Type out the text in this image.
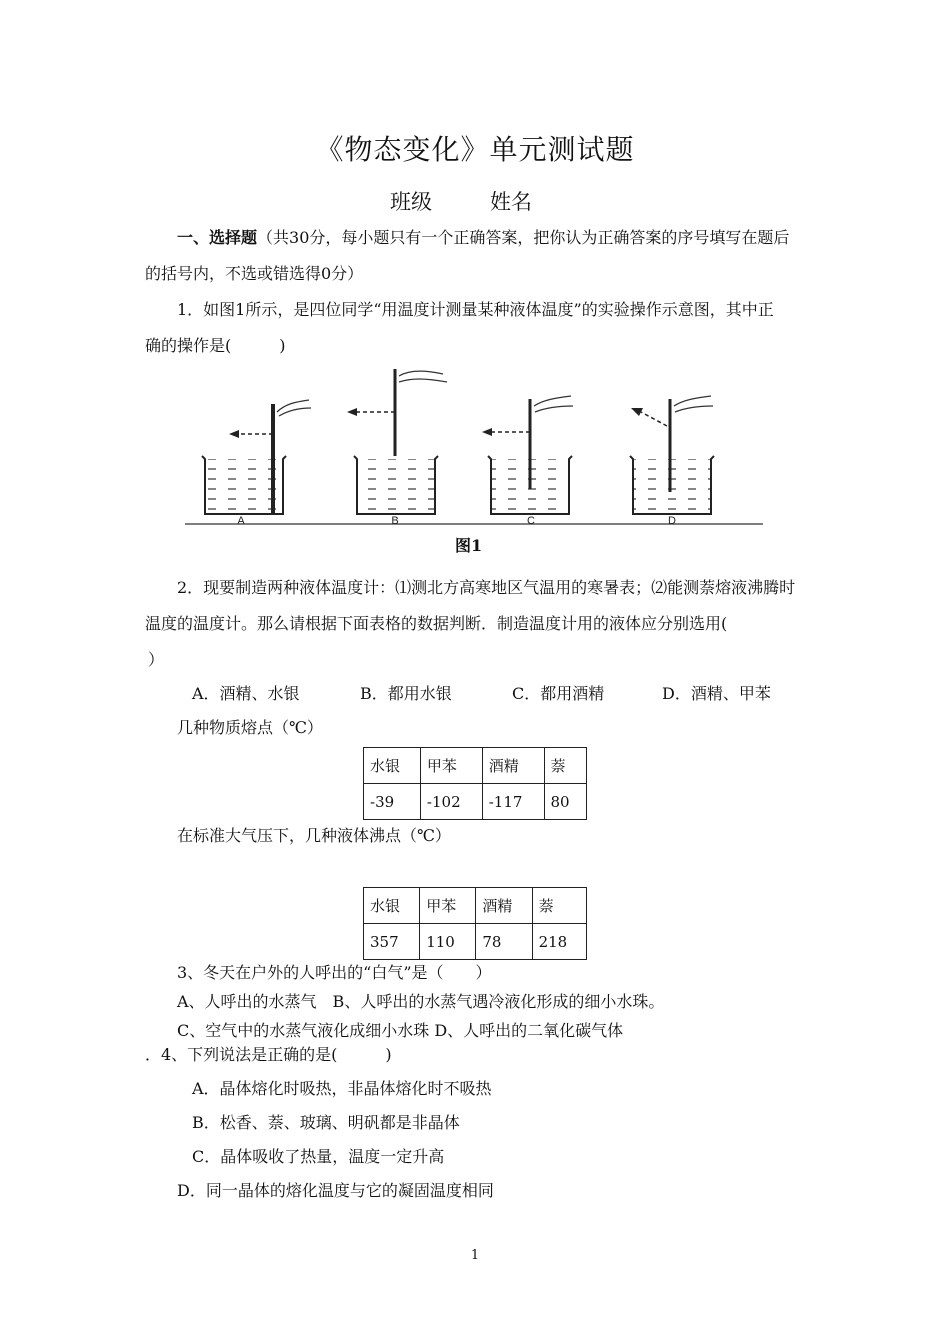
《物态变化》单元测试题
班级	姓名
一、选择题（共30分，每小题只有一个正确答案，把你认为正确答案的序号填写在题后
的括号内，不选或错选得0分）
1．如图1所示，是四位同学“用温度计测量某种液体温度”的实验操作示意图，其中正
确的操作是(　　　)
A	B	C	D
图1
2．现要制造两种液体温度计：⑴测北方高寒地区气温用的寒暑表；⑵能测萘熔液沸腾时
温度的温度计。那么请根据下面表格的数据判断．制造温度计用的液体应分别选用(
）
A．酒精、水银	B．都用水银	C．都用酒精	D．酒精、甲苯
几种物质熔点（℃）
水银	甲苯	酒精	萘
-39	-102	-117	80
在标准大气压下，几种液体沸点（℃）
水银	甲苯	酒精	萘
357	110	78	218
3、冬天在户外的人呼出的“白气”是（　　）
A、人呼出的水蒸气　B、人呼出的水蒸气遇冷液化形成的细小水珠。
C、空气中的水蒸气液化成细小水珠 D、人呼出的二氧化碳气体
．4、下列说法是正确的是(　　　)
A．晶体熔化时吸热，非晶体熔化时不吸热
B．松香、萘、玻璃、明矾都是非晶体
C．晶体吸收了热量，温度一定升高
D．同一晶体的熔化温度与它的凝固温度相同
1
